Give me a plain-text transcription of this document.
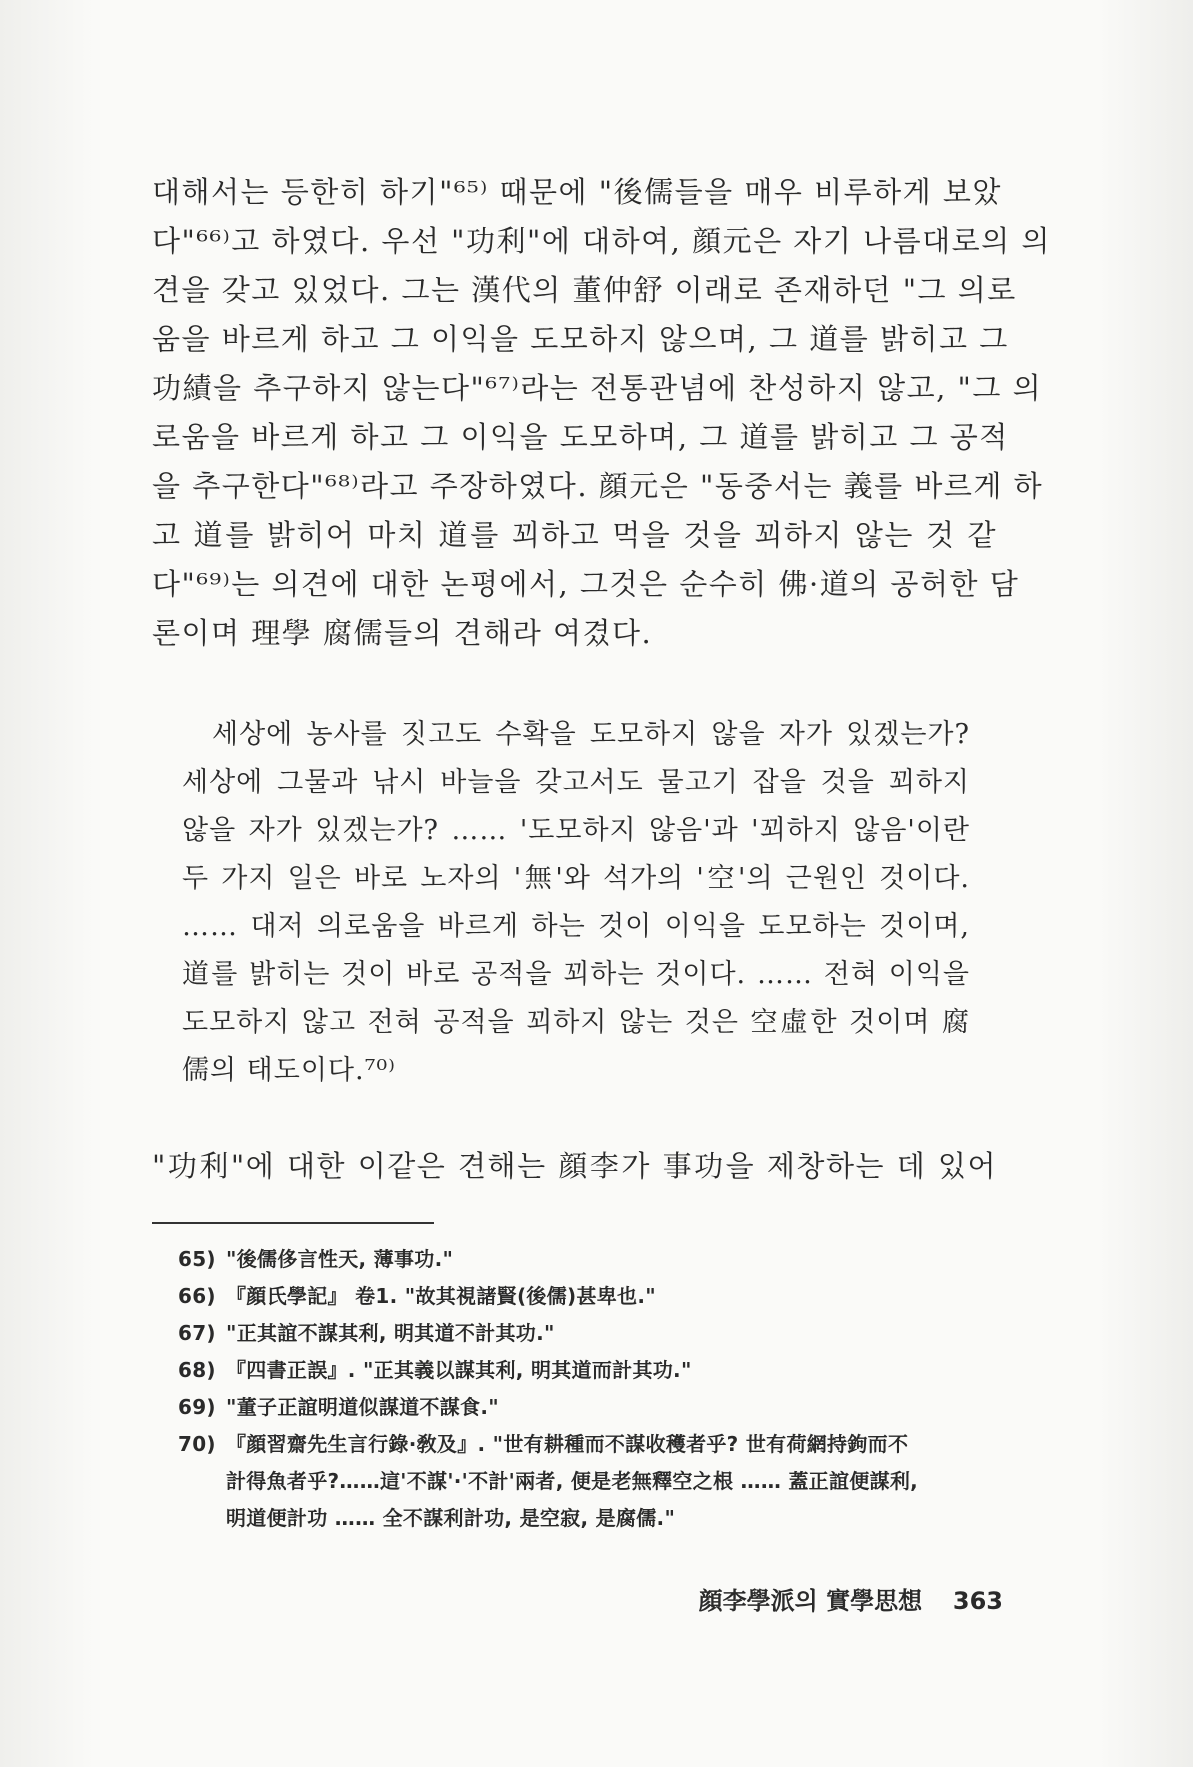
대해서는 등한히 하기"⁶⁵⁾ 때문에 "後儒들을 매우 비루하게 보았
다"⁶⁶⁾고 하였다. 우선 "功利"에 대하여, 顔元은 자기 나름대로의 의
견을 갖고 있었다. 그는 漢代의 董仲舒 이래로 존재하던 "그 의로
움을 바르게 하고 그 이익을 도모하지 않으며, 그 道를 밝히고 그
功績을 추구하지 않는다"⁶⁷⁾라는 전통관념에 찬성하지 않고, "그 의
로움을 바르게 하고 그 이익을 도모하며, 그 道를 밝히고 그 공적
을 추구한다"⁶⁸⁾라고 주장하였다. 顔元은 "동중서는 義를 바르게 하
고 道를 밝히어 마치 道를 꾀하고 먹을 것을 꾀하지 않는 것 같
다"⁶⁹⁾는 의견에 대한 논평에서, 그것은 순수히 佛·道의 공허한 담
론이며 理學 腐儒들의 견해라 여겼다.
세상에 농사를 짓고도 수확을 도모하지 않을 자가 있겠는가?
세상에 그물과 낚시 바늘을 갖고서도 물고기 잡을 것을 꾀하지
않을 자가 있겠는가? …… '도모하지 않음'과 '꾀하지 않음'이란
두 가지 일은 바로 노자의 '無'와 석가의 '空'의 근원인 것이다.
…… 대저 의로움을 바르게 하는 것이 이익을 도모하는 것이며,
道를 밝히는 것이 바로 공적을 꾀하는 것이다. …… 전혀 이익을
도모하지 않고 전혀 공적을 꾀하지 않는 것은 空虛한 것이며 腐
儒의 태도이다.⁷⁰⁾
"功利"에 대한 이같은 견해는 顔李가 事功을 제창하는 데 있어
65) "後儒侈言性天, 薄事功."
66) 『顔氏學記』 卷1. "故其視諸賢(後儒)甚卑也."
67) "正其誼不謀其利, 明其道不計其功."
68) 『四書正誤』. "正其義以謀其利, 明其道而計其功."
69) "董子正誼明道似謀道不謀食."
70) 『顔習齋先生言行錄·敎及』. "世有耕種而不謀收穫者乎? 世有荷網持鉤而不
計得魚者乎?……這'不謀'·'不計'兩者, 便是老無釋空之根 …… 蓋正誼便謀利,
明道便計功 …… 全不謀利計功, 是空寂, 是腐儒."
顔李學派의 實學思想 363
